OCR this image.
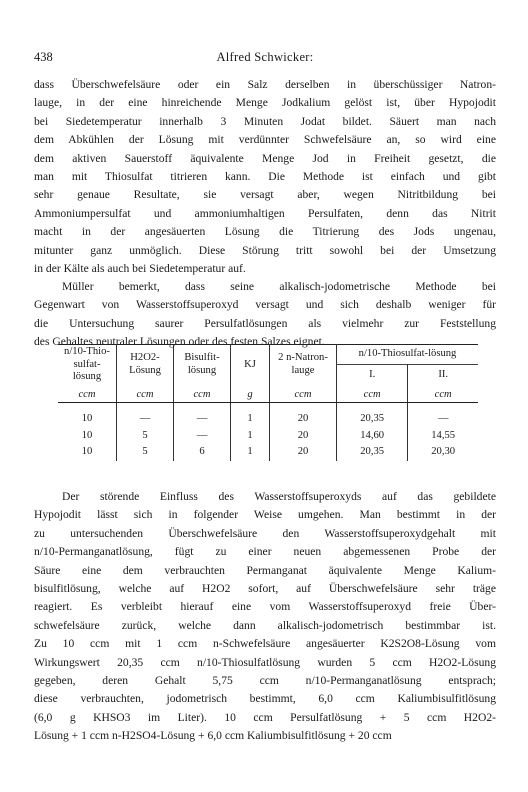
438	Alfred Schwicker:
dass Überschwefelsäure oder ein Salz derselben in überschüssiger Natron-
lauge, in der eine hinreichende Menge Jodkalium gelöst ist, über Hypojodit
bei Siedetemperatur innerhalb 3 Minuten Jodat bildet. Säuert man nach
dem Abkühlen der Lösung mit verdünnter Schwefelsäure an, so wird eine
dem aktiven Sauerstoff äquivalente Menge Jod in Freiheit gesetzt, die
man mit Thiosulfat titrieren kann. Die Methode ist einfach und gibt
sehr genaue Resultate, sie versagt aber, wegen Nitritbildung bei
Ammoniumpersulfat und ammoniumhaltigen Persulfaten, denn das Nitrit
macht in der angesäuerten Lösung die Titrierung des Jods ungenau,
mitunter ganz unmöglich. Diese Störung tritt sowohl bei der Umsetzung
in der Kälte als auch bei Siedetemperatur auf.
Müller bemerkt, dass seine alkalisch-jodometrische Methode bei
Gegenwart von Wasserstoffsuperoxyd versagt und sich deshalb weniger für
die Untersuchung saurer Persulfatlösungen als vielmehr zur Feststellung
des Gehaltes neutraler Lösungen oder des festen Salzes eignet.
n/10-Thio-sulfat-lösung	H2O2-Lösung	Bisulfit-lösung	KJ	2 n-Natron-lauge	n/10-Thiosulfat-lösung	
					I.	II.
ccm	ccm	ccm	g	ccm	ccm	ccm
10	—	—	1	20	20,35	—
10	5	—	1	20	14,60	14,55
10	5	6	1	20	20,35	20,30
Der störende Einfluss des Wasserstoffsuperoxyds auf das gebildete
Hypojodit lässt sich in folgender Weise umgehen. Man bestimmt in der
zu untersuchenden Überschwefelsäure den Wasserstoffsuperoxydgehalt mit
n/10-Permanganatlösung, fügt zu einer neuen abgemessenen Probe der
Säure eine dem verbrauchten Permanganat äquivalente Menge Kalium-
bisulfitlösung, welche auf H2O2 sofort, auf Überschwefelsäure sehr träge
reagiert. Es verbleibt hierauf eine vom Wasserstoffsuperoxyd freie Über-
schwefelsäure zurück, welche dann alkalisch-jodometrisch bestimmbar ist.
Zu 10 ccm mit 1 ccm n-Schwefelsäure angesäuerter K2S2O8-Lösung vom
Wirkungswert 20,35 ccm n/10-Thiosulfatlösung wurden 5 ccm H2O2-Lösung
gegeben, deren Gehalt 5,75 ccm n/10-Permanganatlösung entsprach;
diese verbrauchten, jodometrisch bestimmt, 6,0 ccm Kaliumbisulfitlösung
(6,0 g KHSO3 im Liter). 10 ccm Persulfatlösung + 5 ccm H2O2-
Lösung + 1 ccm n-H2SO4-Lösung + 6,0 ccm Kaliumbisulfitlösung + 20 ccm
